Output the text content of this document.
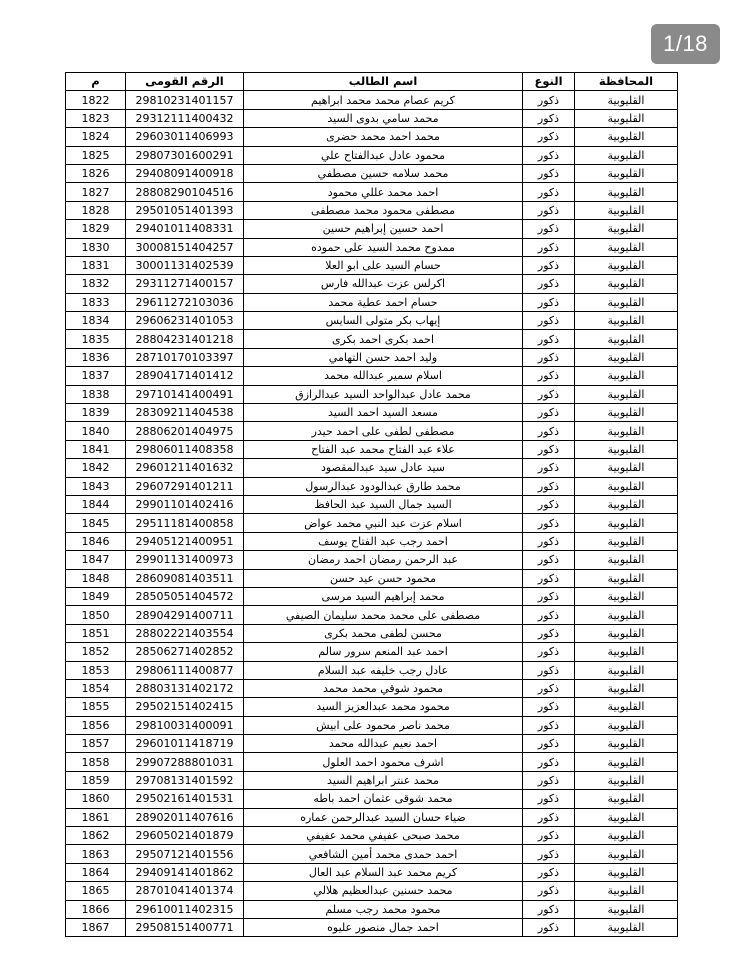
1/18
المحافظة	النوع	اسم الطالب	الرقم القومى	م
القليوبية	ذكور	كريم عصام محمد محمد ابراهيم	29810231401157	1822
القليوبية	ذكور	محمد سامي بدوى السيد	29312111400432	1823
القليوبية	ذكور	محمد احمد محمد حضرى	29603011406993	1824
القليوبية	ذكور	محمود عادل عبدالفتاح علي	29807301600291	1825
القليوبية	ذكور	محمد سلامه حسين مصطفي	29408091400918	1826
القليوبية	ذكور	احمد محمد عللي محمود	28808290104516	1827
القليوبية	ذكور	مصطفى محمود محمد مصطفى	29501051401393	1828
القليوبية	ذكور	احمد حسين إبراهيم حسين	29401011408331	1829
القليوبية	ذكور	ممدوح محمد السيد على حموده	30008151404257	1830
القليوبية	ذكور	حسام السيد على ابو العلا	30001131402539	1831
القليوبية	ذكور	اكرلس عزت عبدالله فارس	29311271400157	1832
القليوبية	ذكور	حسام احمد عطية محمد	29611272103036	1833
القليوبية	ذكور	إيهاب بكر متولى السايس	29606231401053	1834
القليوبية	ذكور	احمد بكرى احمد بكرى	28804231401218	1835
القليوبية	ذكور	وليد احمد حسن التهامي	28710170103397	1836
القليوبية	ذكور	اسلام سمير عبدالله محمد	28904171401412	1837
القليوبية	ذكور	محمد عادل عبدالواحد السيد عبدالرازق	29710141400491	1838
القليوبية	ذكور	مسعد السيد احمد السيد	28309211404538	1839
القليوبية	ذكور	مصطفى لطفى على احمد حيدر	28806201404975	1840
القليوبية	ذكور	علاء عبد الفتاح محمد عبد الفتاح	29806011408358	1841
القليوبية	ذكور	سيد عادل سيد عبدالمقصود	29601211401632	1842
القليوبية	ذكور	محمد طارق عبدالودود عبدالرسول	29607291401211	1843
القليوبية	ذكور	السيد جمال السيد عبد الحافظ	29901101402416	1844
القليوبية	ذكور	اسلام عزت عبد النبي محمد عواض	29511181400858	1845
القليوبية	ذكور	احمد رجب عبد الفتاح يوسف	29405121400951	1846
القليوبية	ذكور	عبد الرحمن رمضان احمد رمضان	29901131400973	1847
القليوبية	ذكور	محمود حسن عيد حسن	28609081403511	1848
القليوبية	ذكور	محمد إبراهيم السيد مرسى	28505051404572	1849
القليوبية	ذكور	مصطفى على محمد محمد سليمان الصيفي	28904291400711	1850
القليوبية	ذكور	محسن لطفى محمد بكرى	28802221403554	1851
القليوبية	ذكور	احمد عبد المنعم سرور سالم	28506271402852	1852
القليوبية	ذكور	عادل رجب خليفه عبد السلام	29806111400877	1853
القليوبية	ذكور	محمود شوقي محمد محمد	28803131402172	1854
القليوبية	ذكور	محمود محمد عبدالعزيز السيد	29502151402415	1855
القليوبية	ذكور	محمد ناصر محمود على ابيش	29810031400091	1856
القليوبية	ذكور	احمد نعيم عبدالله محمد	29601011418719	1857
القليوبية	ذكور	اشرف محمود احمد العلول	29907288801031	1858
القليوبية	ذكور	محمد عنتر ابراهيم السيد	29708131401592	1859
القليوبية	ذكور	محمد شوقى عثمان احمد باطه	29502161401531	1860
القليوبية	ذكور	ضياء حسان السيد عبدالرحمن عماره	28902011407616	1861
القليوبية	ذكور	محمد صبحى عفيفي محمد عفيفي	29605021401879	1862
القليوبية	ذكور	احمد حمدى محمد أمين الشافعي	29507121401556	1863
القليوبية	ذكور	كريم محمد عبد السلام عبد العال	29409141401862	1864
القليوبية	ذكور	محمد حسنين عبدالعظيم هلالي	28701041401374	1865
القليوبية	ذكور	محمود محمد رجب مسلم	29610011402315	1866
القليوبية	ذكور	احمد جمال منصور عليوه	29508151400771	1867
